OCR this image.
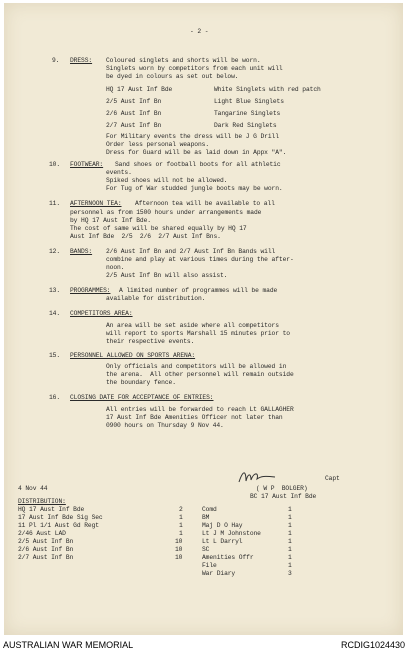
- 2 -
9. DRESS: Coloured singlets and shorts will be worn.
Singlets worn by competitors from each unit will
be dyed in colours as set out below.
HQ 17 Aust Inf Bde	White Singlets with red patch
2/5 Aust Inf Bn	Light Blue Singlets
2/6 Aust Inf Bn	Tangarine Singlets
2/7 Aust Inf Bn	Dark Red Singlets
For Military events the dress will be J G Drill
Order less personal weapons.
Dress for Guard will be as laid down in Appx "A".
10. FOOTWEAR: Sand shoes or football boots for all athletic
events.
Spiked shoes will not be allowed.
For Tug of War studded jungle boots may be worn.
11. AFTERNOON TEA: Afternoon tea will be available to all
personnel as from 1500 hours under arrangements made
by HQ 17 Aust Inf Bde.
The cost of same will be shared equally by HQ 17
Aust Inf Bde  2/5  2/6  2/7 Aust Inf Bns.
12. BANDS: 2/6 Aust Inf Bn and 2/7 Aust Inf Bn Bands will
combine and play at various times during the after-
noon.
2/5 Aust Inf Bn will also assist.
13. PROGRAMMES: A limited number of programmes will be made
available for distribution.
14. COMPETITORS AREA:
An area will be set aside where all competitors
will report to sports Marshall 15 minutes prior to
their respective events.
15. PERSONNEL ALLOWED ON SPORTS ARENA:
Only officials and competitors will be allowed in
the arena.  All other personnel will remain outside
the boundary fence.
16. CLOSING DATE FOR ACCEPTANCE OF ENTRIES:
All entries will be forwarded to reach Lt GALLAGHER
17 Aust Inf Bde Amenities Officer not later than
0900 hours on Thursday 9 Nov 44.
Capt
( W P  BOLGER)
BC 17 Aust Inf Bde
4 Nov 44
DISTRIBUTION:
HQ 17 Aust Inf Bde	2
17 Aust Inf Bde Sig Sec	1
11 Pl 1/1 Aust Gd Regt	1
2/46 Aust LAD	1
2/5 Aust Inf Bn	10
2/6 Aust Inf Bn	10
2/7 Aust Inf Bn	10
Comd	1
BM	1
Maj D O Hay	1
Lt J M Johnstone	1
Lt L Darryl	1
SC	1
Amenities Offr	1
File	1
War Diary	3
AUSTRALIAN WAR MEMORIAL	RCDIG1024430
